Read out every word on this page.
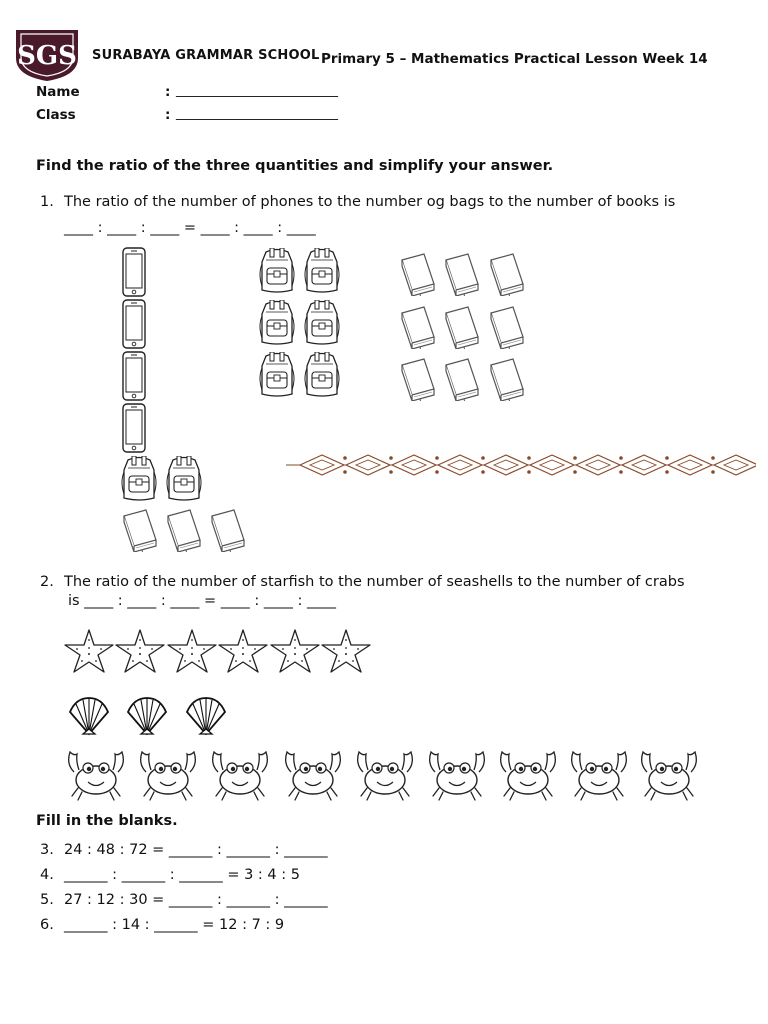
SGS SURABAYA GRAMMAR SCHOOL Primary 5 – Mathematics Practical Lesson Week 14
Name	: ________________________
Class	: ________________________
Find the ratio of the three quantities and simplify your answer.
1. The ratio of the number of phones to the number og bags to the number of books is
____ : ____ : ____ = ____ : ____ : ____
2. The ratio of the number of starfish to the number of seashells to the number of crabs
is ____ : ____ : ____ = ____ : ____ : ____
Fill in the blanks.
3. 24 : 48 : 72 = ______ : ______ : ______
4. ______ : ______ : ______ = 3 : 4 : 5
5. 27 : 12 : 30 = ______ : ______ : ______
6. ______ : 14 : ______ = 12 : 7 : 9
